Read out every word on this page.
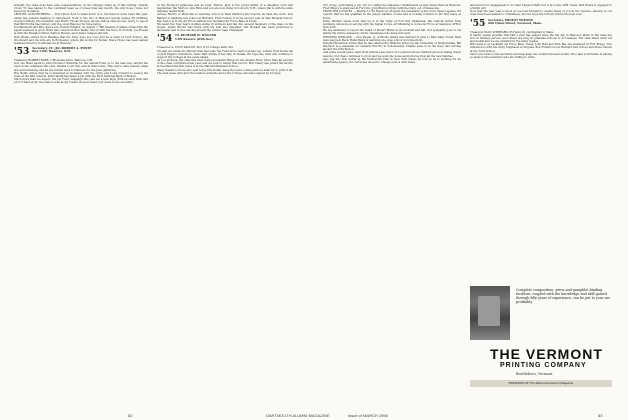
straight, the class does have nine representatives on the Olympic Team as of this writing. Charlie Cross '53 was named to the combined team as of press time last month. We only hope I have not been lost in mail in.

TROTTIE, ALSO RETIRING ... Don't know how to make much of it, but there is some news this year, under the general heading of retirement. Note to the trio of Hanover faculty names Ed Griffiths, George Ormsby, Jim Chandler, and Harry 'Hooks' Bowen; all are still as vital as ever. Sorry to report that Bill Trottie has retired, will live on at Hanover for time being.

Ed Hammond and Mrs. had a son, Robert Edward, on August 7. Bill Stearns of Maine writes that the paper business is good. Word has come from Bob Keller, who is with the Navy in Norfolk. Joe Rowan is with the Sheraton Hotel chain in Boston, and visited campus last fall.

Dick Blume writes from Reading that his Navy days are over and he is back at Tuck School. Jim Woodward and his wife are in Rochester, where Jim works for Kodak. Steve Howe has been named assistant director of admissions at Hanover.

'53 Secretary, LT. (JG) ROBERT A. PONTE
Box 1100, Hanover, N.H.

Treasurer, ROBERT BARR, 2 Riverside Drive, Hanover, N.H.

Our one Head Agent is John Grovenor. Rewards for the Alumni Fund go to the men who carried the load on the campaign this year. Thanks to all who sent in their notes. This year's class reunion plans are well underway and all are invited back to Hanover for the June gathering.

Bob Reilly writes that he is stationed in Germany with the Army and looks forward to seeing the class at the fifth reunion. Peter Smith has taken a job with the First National Bank of Boston.

Much more than we expect, the job Fund campaign this year set a new high. With an early start and a lot of hard work, the class is well along toward its goal. Send your news to the secretary.

in the Rockport Jamboree and as Capt. Patton, Jack is the proud father of a daughter born last September. Jim Morton, wife Ellen and son are now living in Concord, N.H., where Jim is with the state highway department.

George Morris of Plymouth is teaching school in West Hartford and reports he likes the work. Don Ballard is finishing law school at Harvard. Fred Carson is in his second year at Yale Medical School. Ray Taylor is in the Air Force stationed at Lackland Air Force Base in Texas.

We spent the New Year's holiday skiing in Vermont and ran into several members of the class on the slopes. Sandy Brown was there with his wife and daughter. Ted Howard has been promoted to lieutenant and is now serving aboard the carrier Lake Champlain.

'54 LT. RICHARD H. WAGNER
USN Reserve (ODS-Sec)

Treasurer, A. LYNN DALTON, Box 1101 College Park, Md.

Though our ranks are thinner than last year, the Fund drive went over the top. Letters from Korea tell of Jack Eagan's adventure; Gene Dart writes of his duty in Alaska. We hope the class will continue to support the College in the years ahead.

As you all know, the class has been doing wonderful things for the Alumni Fund. More than 80 percent of the class contributed last year, and we look to better that record. Phil Cleary has joined the faculty at Deerfield and Bob Jones is at the Harvard Business School.

Many thanks to those who sent notes this month. Keep the news coming and we shall try to print it all. The next issue will carry the reunion schedule and a list of those who have signed up for June.

CIC group, performing a job, not too unlike the stateside commitments as they knew them at Hanover. Fred Wilson is stationed at Fort Dix. John Brant is flying with the Navy out of Pensacola.

FROM THE JUNGLES ... Marine Lt. Ed Haywood dropped the newsletter a line from Camp Lejeune. Ed reports that he has qualified in the jungle warfare course and is looking forward to his first leave at home.

Kirby Winters sends word that he is in the Army at Fort Sill, Oklahoma. Jim Lamont writes from Germany, where he is serving with the Signal Corps. Art Manning is in the Air Force at Sampson AFB in New York.

We are saddened to report the death of Robert Miller in an accident last fall. Our sympathy goes to his family. He will be missed by all his classmates who knew him well.

WEDDING DEBLOCK ... Don Pippin, Jr. of Rhode Island was married in June to Miss Sally Tower. Best man was Jack Beck. Hank Black is teaching at a prep school in Connecticut.

Dwight Henderson writes that he has entered the Wharton School at the University of Pennsylvania. Bill Peterson is a salesman for General Electric in Schenectady. Charlie Lane is in the Navy and serving aboard the USS Boston.

And some recent news came from Jimmie Lane and Lou Lovelund whose children are now taking music lessons. Our class continues to grow and we welcome notes and pictures from all the new families.

Also ran into Bob Sutter at the Dartmouth Club in New York where he told us he is working for an advertising agency. Ed Curtis has moved to Chicago and is with Sears.

announced for engagement to Lt. Paul Tingsel USAF, but is at Lowry AFB, Texas. Bud Evans is engaged to a Smith girl.

Now that the new year is upon us we look forward to seeing many of you at the reunion. Several of our class have been named to committees, and we hope the turnout will be the best ever.

'55 Secretary, ERNEST WIENER
600 Chase Street, Norwood, Mass.

Treasurer, PAUL SHEPPARD, 65 Fenny St., Springfield 9, Mass.

It hardly seems possible that half a year has passed since the big day in Hanover. Many in the class are now in military service, and others are busy in graduate schools or in business. The class letter went out last month and we are grateful for the many replies.

Bill Lewis is at Lackland Air Force Base, Texas. John Hall and Dick Bay are stationed at Fort Bragg. Tom Anderson is with the Army Engineers in Virginia. Bob Fullerton is at Harvard Law School and Steve Carson at the Tuck School.

Send your news to the secretary and help keep the column full each month. The class is fortunate in having so many active members who are willing to write.

Complete composition, press and pamphlet binding facilities, coupled with the knowledge and skill gained through fifty years of experience, can be put to your use profitably
THE VERMONT
PRINTING COMPANY
Brattleboro, Vermont
PRINTERS OF The Dartmouth Alumni Magazine
82	DARTMOUTH ALUMNI MAGAZINE	Issue of MARCH 1956	83
